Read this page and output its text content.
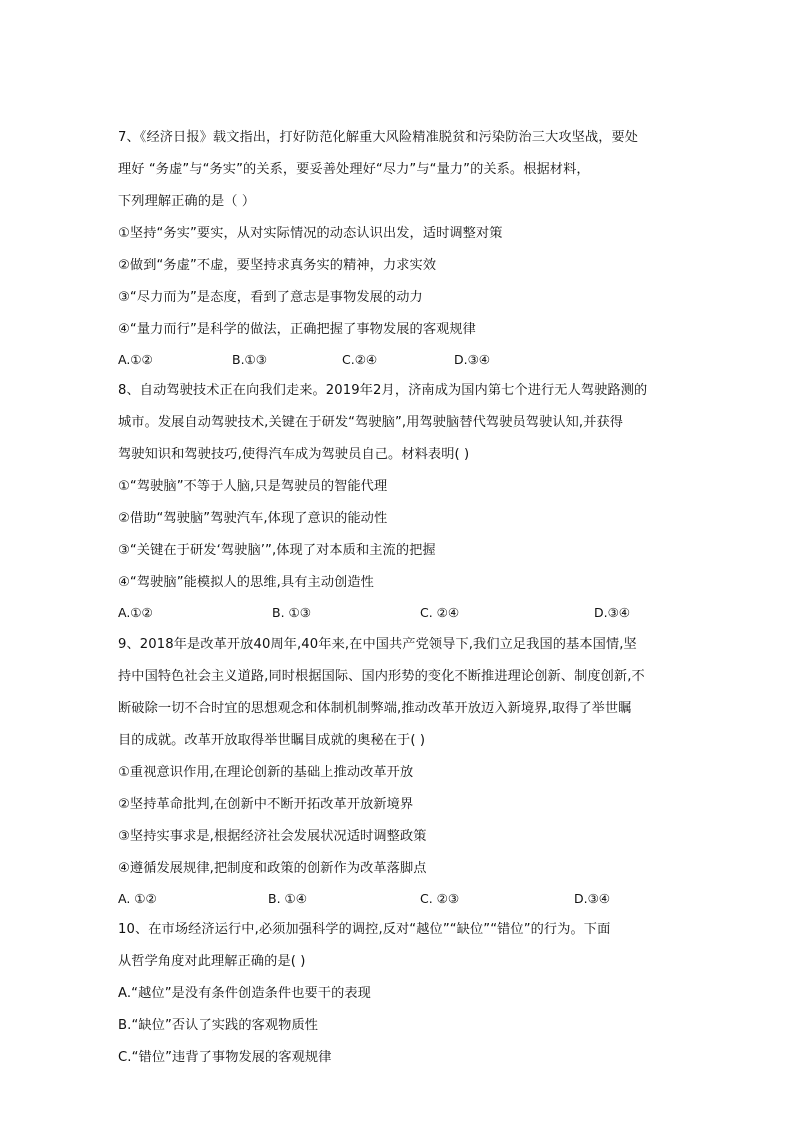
7、《经济日报》载文指出，打好防范化解重大风险精准脱贫和污染防治三大攻坚战，要处
理好 “务虚”与“务实”的关系，要妥善处理好“尽力”与“量力”的关系。根据材料，
下列理解正确的是（ ）
①坚持“务实”要实，从对实际情况的动态认识出发，适时调整对策
②做到“务虚”不虚，要坚持求真务实的精神，力求实效
③“尽力而为”是态度，看到了意志是事物发展的动力
④“量力而行”是科学的做法，正确把握了事物发展的客观规律
A.①②	B.①③	C.②④	D.③④
8、自动驾驶技术正在向我们走来。2019年2月，济南成为国内第七个进行无人驾驶路测的
城市。发展自动驾驶技术,关键在于研发“驾驶脑”,用驾驶脑替代驾驶员驾驶认知,并获得
驾驶知识和驾驶技巧,使得汽车成为驾驶员自己。材料表明( )
①“驾驶脑”不等于人脑,只是驾驶员的智能代理
②借助“驾驶脑”驾驶汽车,体现了意识的能动性
③“关键在于研发‘驾驶脑’”,体现了对本质和主流的把握
④“驾驶脑”能模拟人的思维,具有主动创造性
A.①②	B. ①③	C. ②④	D.③④
9、2018年是改革开放40周年,40年来,在中国共产党领导下,我们立足我国的基本国情,坚
持中国特色社会主义道路,同时根据国际、国内形势的变化不断推进理论创新、制度创新,不
断破除一切不合时宜的思想观念和体制机制弊端,推动改革开放迈入新境界,取得了举世瞩
目的成就。改革开放取得举世瞩目成就的奥秘在于( )
①重视意识作用,在理论创新的基础上推动改革开放
②坚持革命批判,在创新中不断开拓改革开放新境界
③坚持实事求是,根据经济社会发展状况适时调整政策
④遵循发展规律,把制度和政策的创新作为改革落脚点
A. ①②	B. ①④	C. ②③	D.③④
10、在市场经济运行中,必须加强科学的调控,反对“越位”“缺位”“错位”的行为。下面
从哲学角度对此理解正确的是( )
A.“越位”是没有条件创造条件也要干的表现
B.“缺位”否认了实践的客观物质性
C.“错位”违背了事物发展的客观规律
